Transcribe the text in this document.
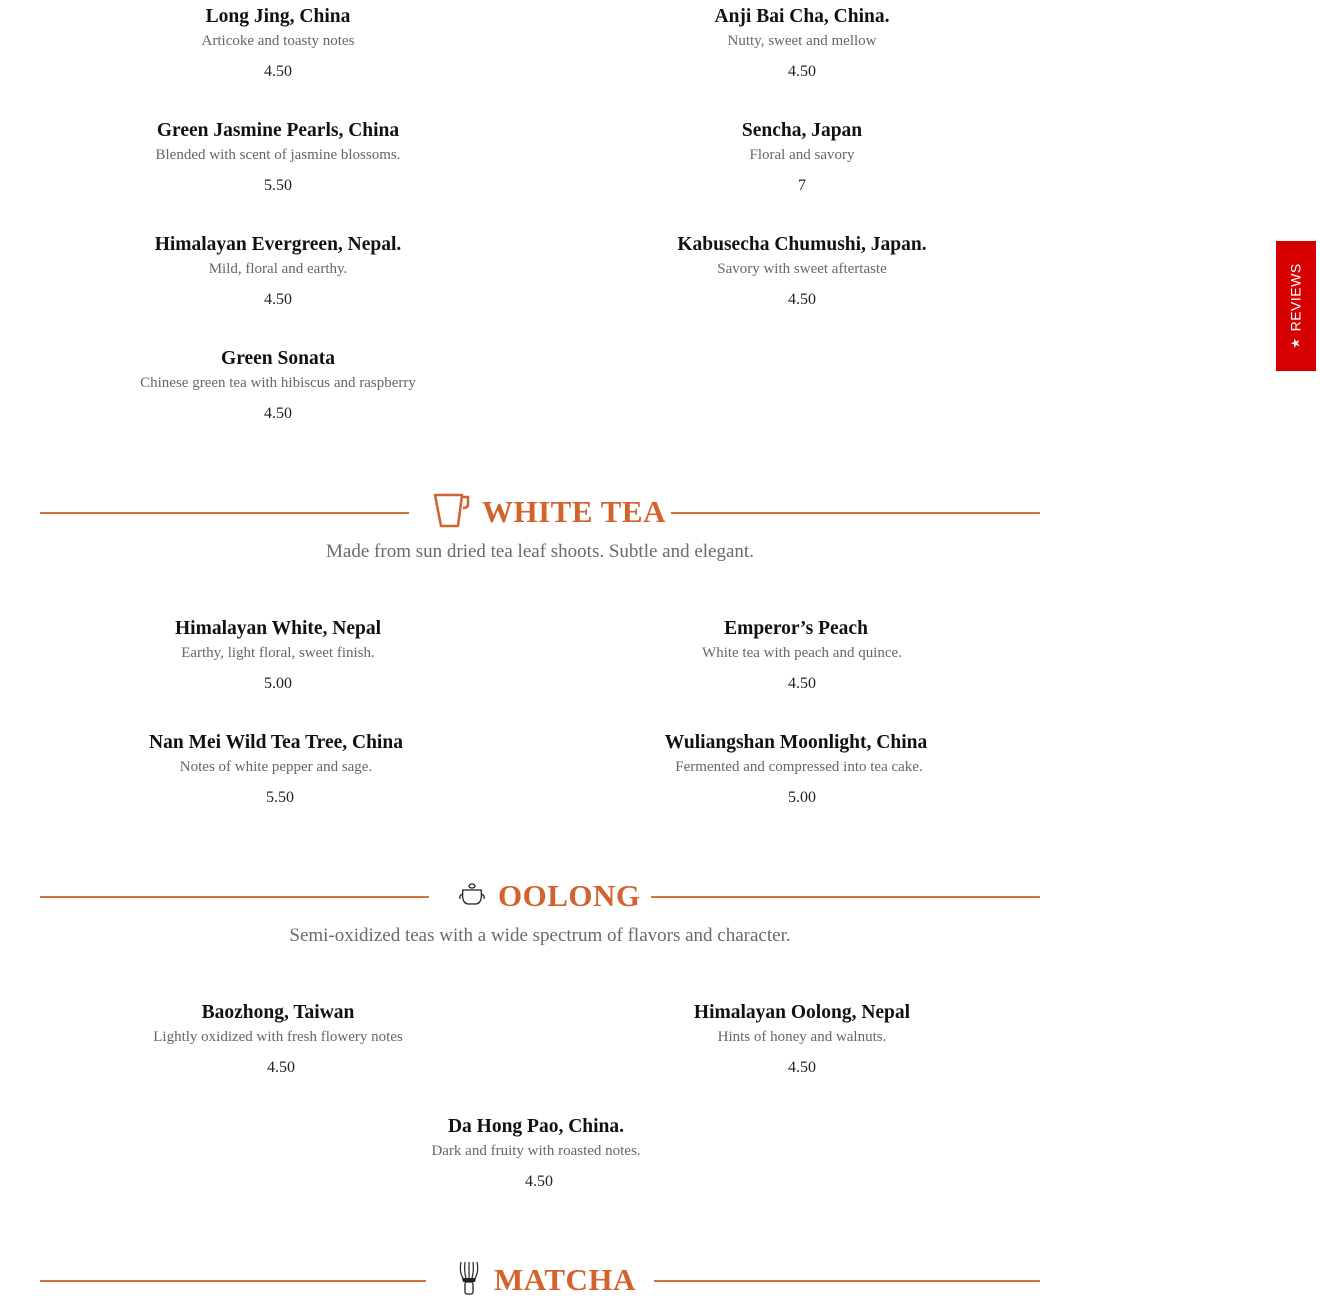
Long Jing, China
Articoke and toasty notes
4.50
Anji Bai Cha, China.
Nutty, sweet and mellow
4.50
Green Jasmine Pearls, China
Blended with scent of jasmine blossoms.
5.50
Sencha, Japan
Floral and savory
7
Himalayan Evergreen, Nepal.
Mild, floral and earthy.
4.50
Kabusecha Chumushi, Japan.
Savory with sweet aftertaste
4.50
Green Sonata
Chinese green tea with hibiscus and raspberry
4.50
WHITE TEA
Made from sun dried tea leaf shoots. Subtle and elegant.
Himalayan White, Nepal
Earthy, light floral, sweet finish.
5.00
Emperor’s Peach
White tea with peach and quince.
4.50
Nan Mei Wild Tea Tree, China
Notes of white pepper and sage.
5.50
Wuliangshan Moonlight, China
Fermented and compressed into tea cake.
5.00
OOLONG
Semi-oxidized teas with a wide spectrum of flavors and character.
Baozhong, Taiwan
Lightly oxidized with fresh flowery notes
4.50
Himalayan Oolong, Nepal
Hints of honey and walnuts.
4.50
Da Hong Pao, China.
Dark and fruity with roasted notes.
4.50
MATCHA
★
REVIEWS
